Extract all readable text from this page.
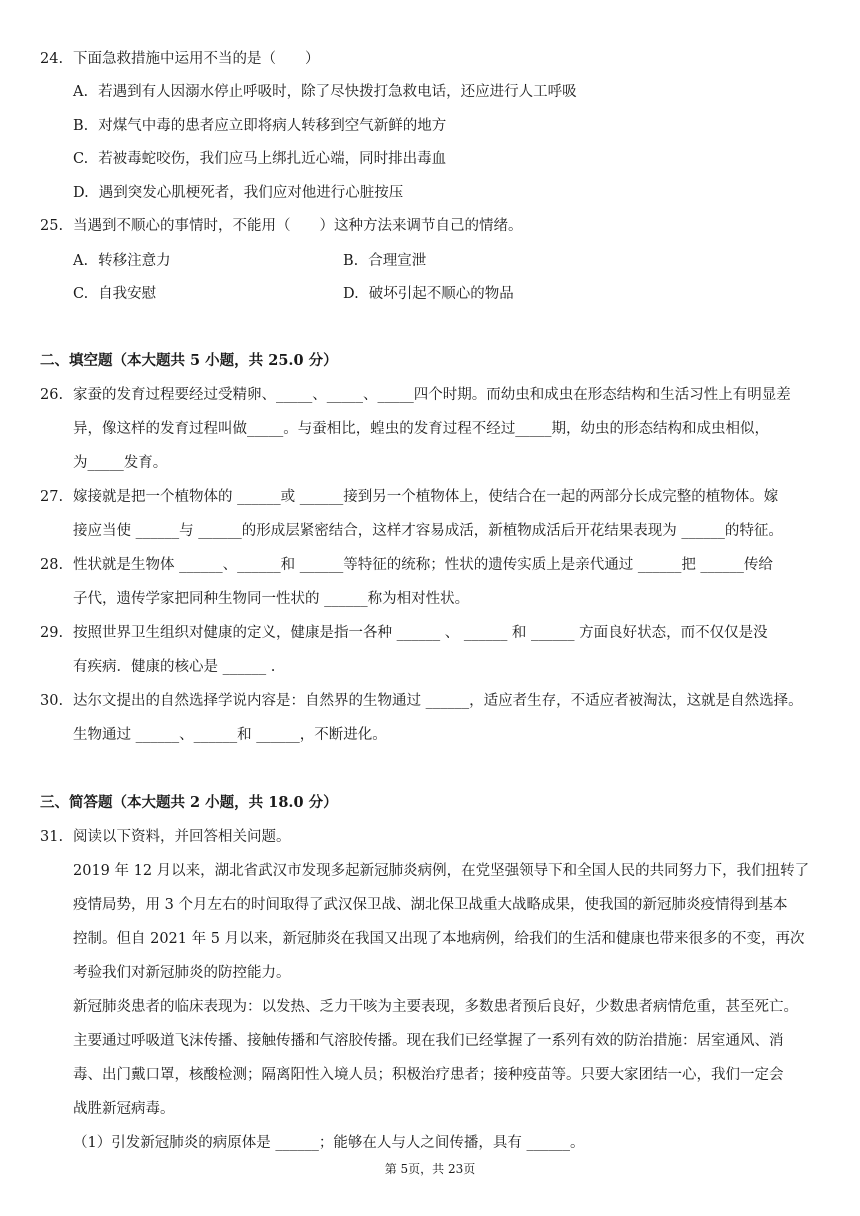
24. 下面急救措施中运用不当的是（　　）
A. 若遇到有人因溺水停止呼吸时，除了尽快拨打急救电话，还应进行人工呼吸
B. 对煤气中毒的患者应立即将病人转移到空气新鲜的地方
C. 若被毒蛇咬伤，我们应马上绑扎近心端，同时排出毒血
D. 遇到突发心肌梗死者，我们应对他进行心脏按压
25. 当遇到不顺心的事情时，不能用（　　）这种方法来调节自己的情绪。
A. 转移注意力	B. 合理宣泄
C. 自我安慰	D. 破坏引起不顺心的物品
二、填空题（本大题共 5 小题，共 25.0 分）
26. 家蚕的发育过程要经过受精卵、_____、_____、_____四个时期。而幼虫和成虫在形态结构和生活习性上有明显差
异，像这样的发育过程叫做_____。与蚕相比，蝗虫的发育过程不经过_____期，幼虫的形态结构和成虫相似，
为_____发育。
27. 嫁接就是把一个植物体的 ______或 ______接到另一个植物体上，使结合在一起的两部分长成完整的植物体。嫁
接应当使 ______与 ______的形成层紧密结合，这样才容易成活，新植物成活后开花结果表现为 ______的特征。
28. 性状就是生物体 ______、______和 ______等特征的统称；性状的遗传实质上是亲代通过 ______把 ______传给
子代，遗传学家把同种生物同一性状的 ______称为相对性状。
29. 按照世界卫生组织对健康的定义，健康是指一各种 ______ 、 ______ 和 ______ 方面良好状态，而不仅仅是没
有疾病．健康的核心是 ______ .
30. 达尔文提出的自然选择学说内容是：自然界的生物通过 ______，适应者生存，不适应者被淘汰，这就是自然选择。
生物通过 ______、______和 ______，不断进化。
三、简答题（本大题共 2 小题，共 18.0 分）
31. 阅读以下资料，并回答相关问题。
2019 年 12 月以来，湖北省武汉市发现多起新冠肺炎病例，在党坚强领导下和全国人民的共同努力下，我们扭转了
疫情局势，用 3 个月左右的时间取得了武汉保卫战、湖北保卫战重大战略成果，使我国的新冠肺炎疫情得到基本
控制。但自 2021 年 5 月以来，新冠肺炎在我国又出现了本地病例，给我们的生活和健康也带来很多的不变，再次
考验我们对新冠肺炎的防控能力。
新冠肺炎患者的临床表现为：以发热、乏力干咳为主要表现，多数患者预后良好，少数患者病情危重，甚至死亡。
主要通过呼吸道飞沫传播、接触传播和气溶胶传播。现在我们已经掌握了一系列有效的防治措施：居室通风、消
毒、出门戴口罩，核酸检测；隔离阳性入境人员；积极治疗患者；接种疫苗等。只要大家团结一心，我们一定会
战胜新冠病毒。
（1）引发新冠肺炎的病原体是 ______；能够在人与人之间传播，具有 ______。
第 5页，共 23页
